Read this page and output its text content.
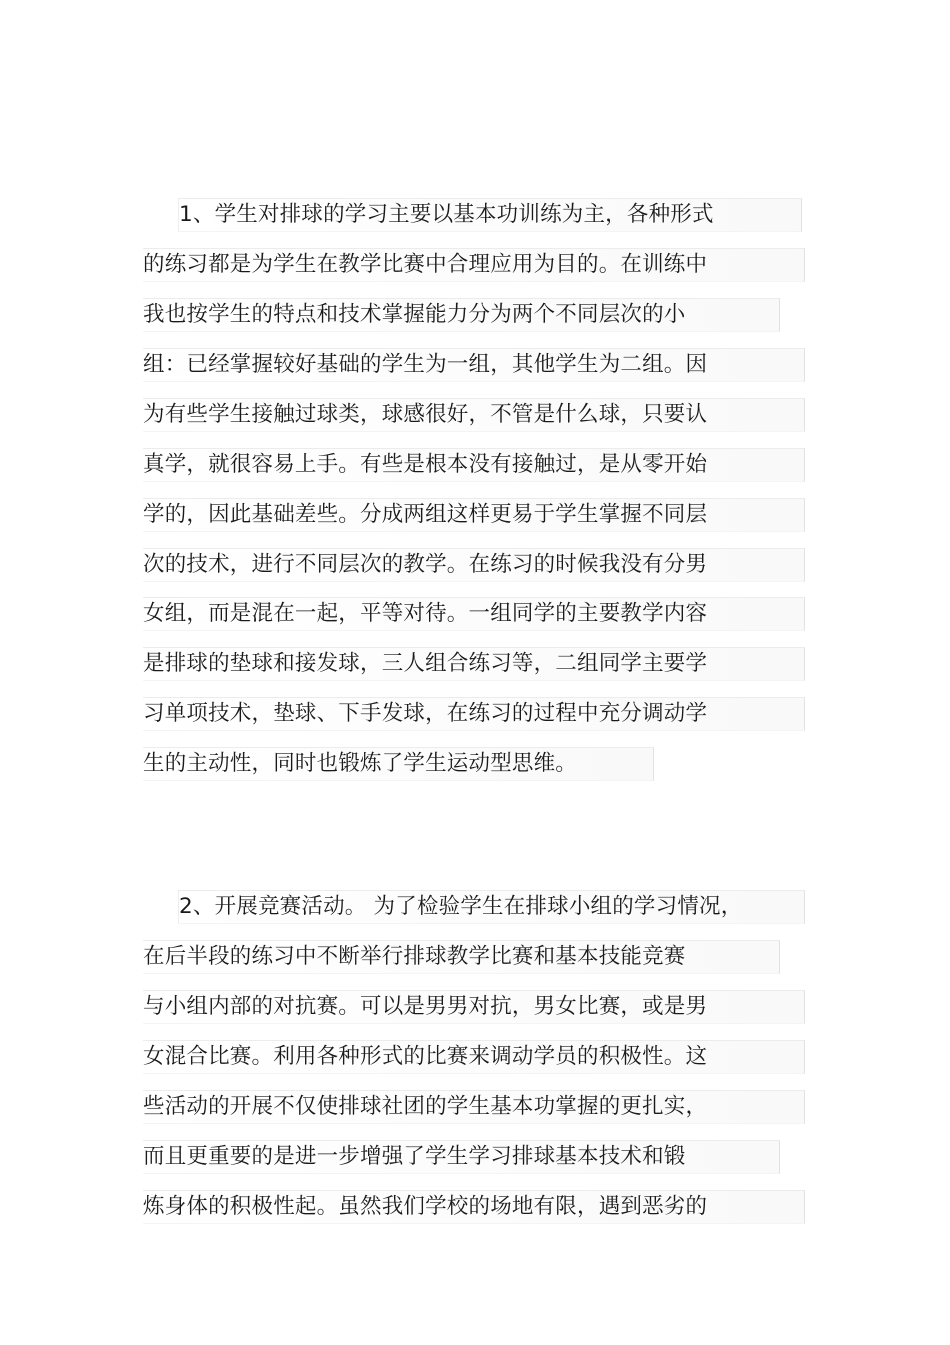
1、学生对排球的学习主要以基本功训练为主，各种形式
的练习都是为学生在教学比赛中合理应用为目的。在训练中
我也按学生的特点和技术掌握能力分为两个不同层次的小
组：已经掌握较好基础的学生为一组，其他学生为二组。因
为有些学生接触过球类，球感很好，不管是什么球，只要认
真学，就很容易上手。有些是根本没有接触过，是从零开始
学的，因此基础差些。分成两组这样更易于学生掌握不同层
次的技术，进行不同层次的教学。在练习的时候我没有分男
女组，而是混在一起，平等对待。一组同学的主要教学内容
是排球的垫球和接发球，三人组合练习等，二组同学主要学
习单项技术，垫球、下手发球，在练习的过程中充分调动学
生的主动性，同时也锻炼了学生运动型思维。
2、开展竞赛活动。 为了检验学生在排球小组的学习情况，
在后半段的练习中不断举行排球教学比赛和基本技能竞赛
与小组内部的对抗赛。可以是男男对抗，男女比赛，或是男
女混合比赛。利用各种形式的比赛来调动学员的积极性。这
些活动的开展不仅使排球社团的学生基本功掌握的更扎实，
而且更重要的是进一步增强了学生学习排球基本技术和锻
炼身体的积极性起。虽然我们学校的场地有限，遇到恶劣的
